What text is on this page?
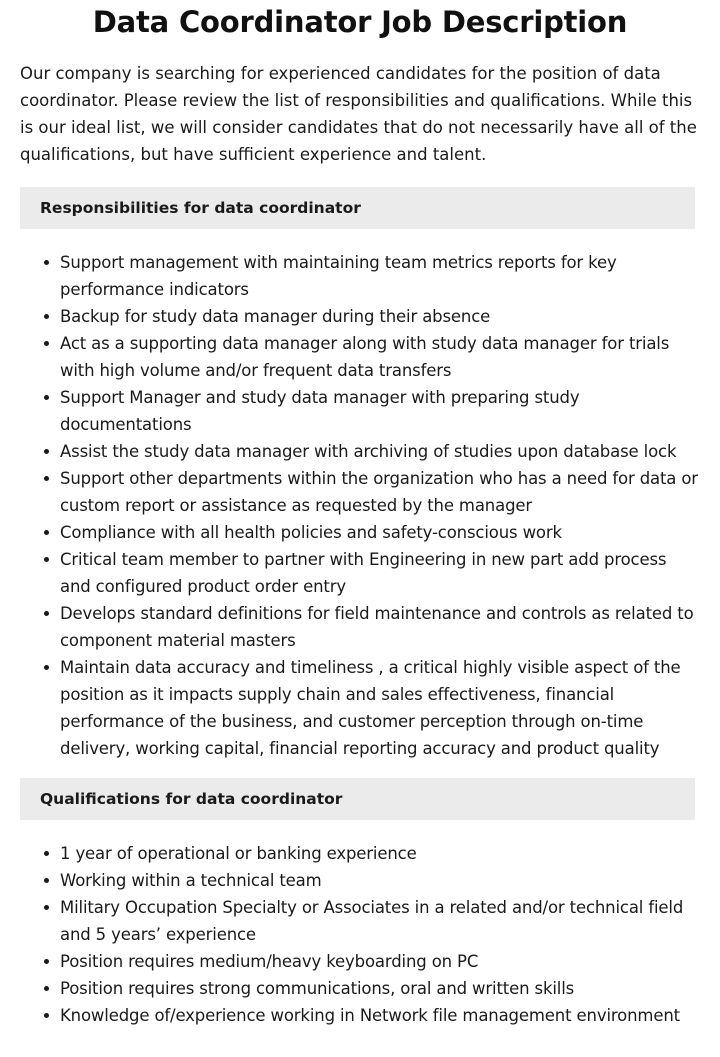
Data Coordinator Job Description

Our company is searching for experienced candidates for the position of data coordinator. Please review the list of responsibilities and qualifications. While this is our ideal list, we will consider candidates that do not necessarily have all of the qualifications, but have sufficient experience and talent.

Responsibilities for data coordinator
Support management with maintaining team metrics reports for key performance indicators
Backup for study data manager during their absence
Act as a supporting data manager along with study data manager for trials with high volume and/or frequent data transfers
Support Manager and study data manager with preparing study documentations
Assist the study data manager with archiving of studies upon database lock
Support other departments within the organization who has a need for data or custom report or assistance as requested by the manager
Compliance with all health policies and safety-conscious work
Critical team member to partner with Engineering in new part add process and configured product order entry
Develops standard definitions for field maintenance and controls as related to component material masters
Maintain data accuracy and timeliness , a critical highly visible aspect of the position as it impacts supply chain and sales effectiveness, financial performance of the business, and customer perception through on-time delivery, working capital, financial reporting accuracy and product quality
Qualifications for data coordinator
1 year of operational or banking experience
Working within a technical team
Military Occupation Specialty or Associates in a related and/or technical field and 5 years’ experience
Position requires medium/heavy keyboarding on PC
Position requires strong communications, oral and written skills
Knowledge of/experience working in Network file management environment
